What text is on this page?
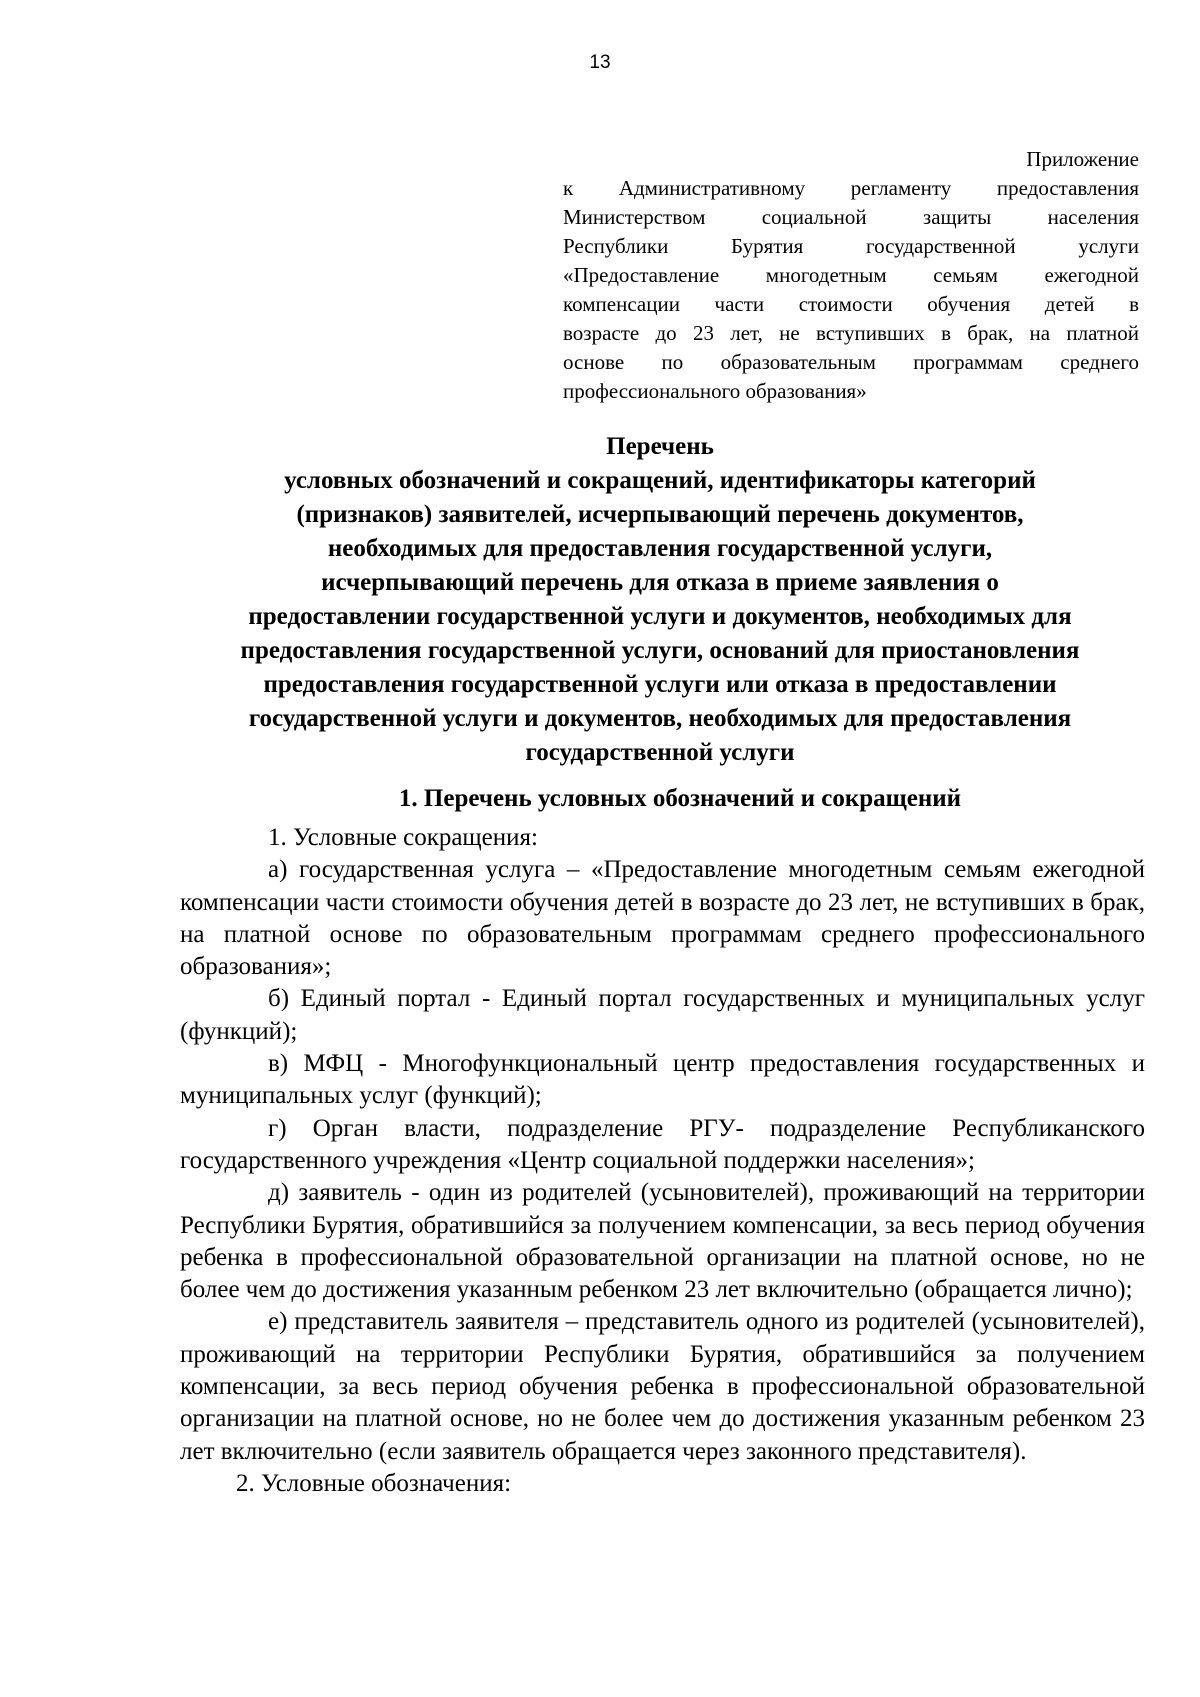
13
Приложение
к Административному регламенту предоставления
Министерством социальной защиты населения
Республики Бурятия государственной услуги
«Предоставление многодетным семьям ежегодной
компенсации части стоимости обучения детей в
возрасте до 23 лет, не вступивших в брак, на платной
основе по образовательным программам среднего
профессионального образования»
Перечень
условных обозначений и сокращений, идентификаторы категорий
(признаков) заявителей, исчерпывающий перечень документов,
необходимых для предоставления государственной услуги,
исчерпывающий перечень для отказа в приеме заявления о
предоставлении государственной услуги и документов, необходимых для
предоставления государственной услуги, оснований для приостановления
предоставления государственной услуги или отказа в предоставлении
государственной услуги и документов, необходимых для предоставления
государственной услуги
1. Перечень условных обозначений и сокращений

1. Условные сокращения:

а) государственная услуга – «Предоставление многодетным семьям ежегодной компенсации части стоимости обучения детей в возрасте до 23 лет, не вступивших в брак, на платной основе по образовательным программам среднего профессионального образования»;

б) Единый портал - Единый портал государственных и муниципальных услуг (функций);

в) МФЦ - Многофункциональный центр предоставления государственных и муниципальных услуг (функций);

г) Орган власти, подразделение РГУ- подразделение Республиканского государственного учреждения «Центр социальной поддержки населения»;

д) заявитель - один из родителей (усыновителей), проживающий на территории Республики Бурятия, обратившийся за получением компенсации, за весь период обучения ребенка в профессиональной образовательной организации на платной основе, но не более чем до достижения указанным ребенком 23 лет включительно (обращается лично);

е) представитель заявителя – представитель одного из родителей (усыновителей), проживающий на территории Республики Бурятия, обратившийся за получением компенсации, за весь период обучения ребенка в профессиональной образовательной организации на платной основе, но не более чем до достижения указанным ребенком 23 лет включительно (если заявитель обращается через законного представителя).

2. Условные обозначения:
